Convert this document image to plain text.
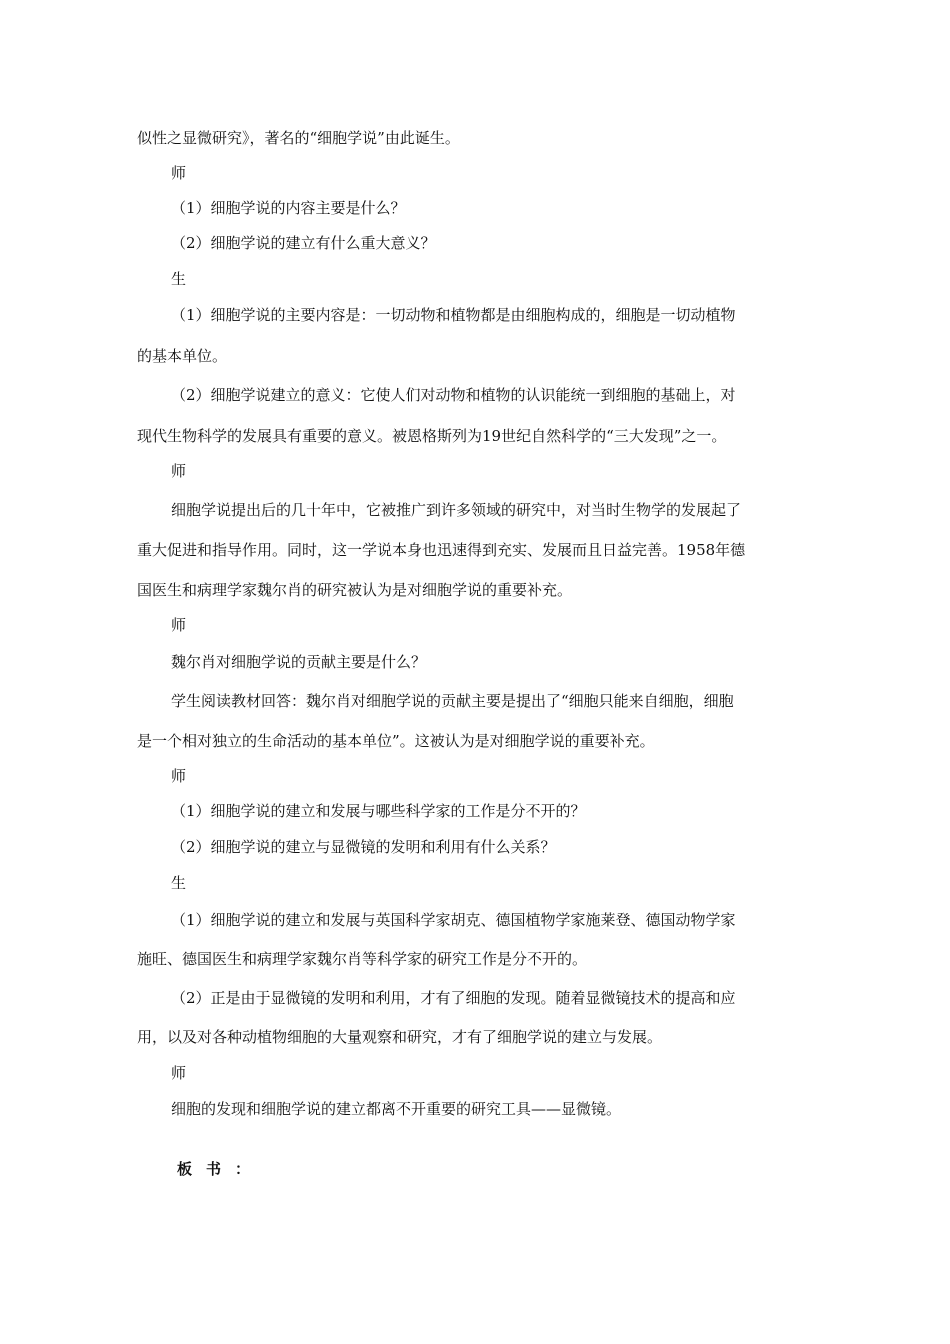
似性之显微研究》，著名的“细胞学说”由此诞生。

师

（1）细胞学说的内容主要是什么？

（2）细胞学说的建立有什么重大意义？

生

（1）细胞学说的主要内容是：一切动物和植物都是由细胞构成的，细胞是一切动植物

的基本单位。

（2）细胞学说建立的意义：它使人们对动物和植物的认识能统一到细胞的基础上，对

现代生物科学的发展具有重要的意义。被恩格斯列为19世纪自然科学的“三大发现”之一。

师

细胞学说提出后的几十年中，它被推广到许多领域的研究中，对当时生物学的发展起了

重大促进和指导作用。同时，这一学说本身也迅速得到充实、发展而且日益完善。1958年德

国医生和病理学家魏尔肖的研究被认为是对细胞学说的重要补充。

师

魏尔肖对细胞学说的贡献主要是什么？

学生阅读教材回答：魏尔肖对细胞学说的贡献主要是提出了“细胞只能来自细胞，细胞

是一个相对独立的生命活动的基本单位”。这被认为是对细胞学说的重要补充。

师

（1）细胞学说的建立和发展与哪些科学家的工作是分不开的？

（2）细胞学说的建立与显微镜的发明和利用有什么关系？

生

（1）细胞学说的建立和发展与英国科学家胡克、德国植物学家施莱登、德国动物学家

施旺、德国医生和病理学家魏尔肖等科学家的研究工作是分不开的。

（2）正是由于显微镜的发明和利用，才有了细胞的发现。随着显微镜技术的提高和应

用，以及对各种动植物细胞的大量观察和研究，才有了细胞学说的建立与发展。

师

细胞的发现和细胞学说的建立都离不开重要的研究工具——显微镜。

板书：
